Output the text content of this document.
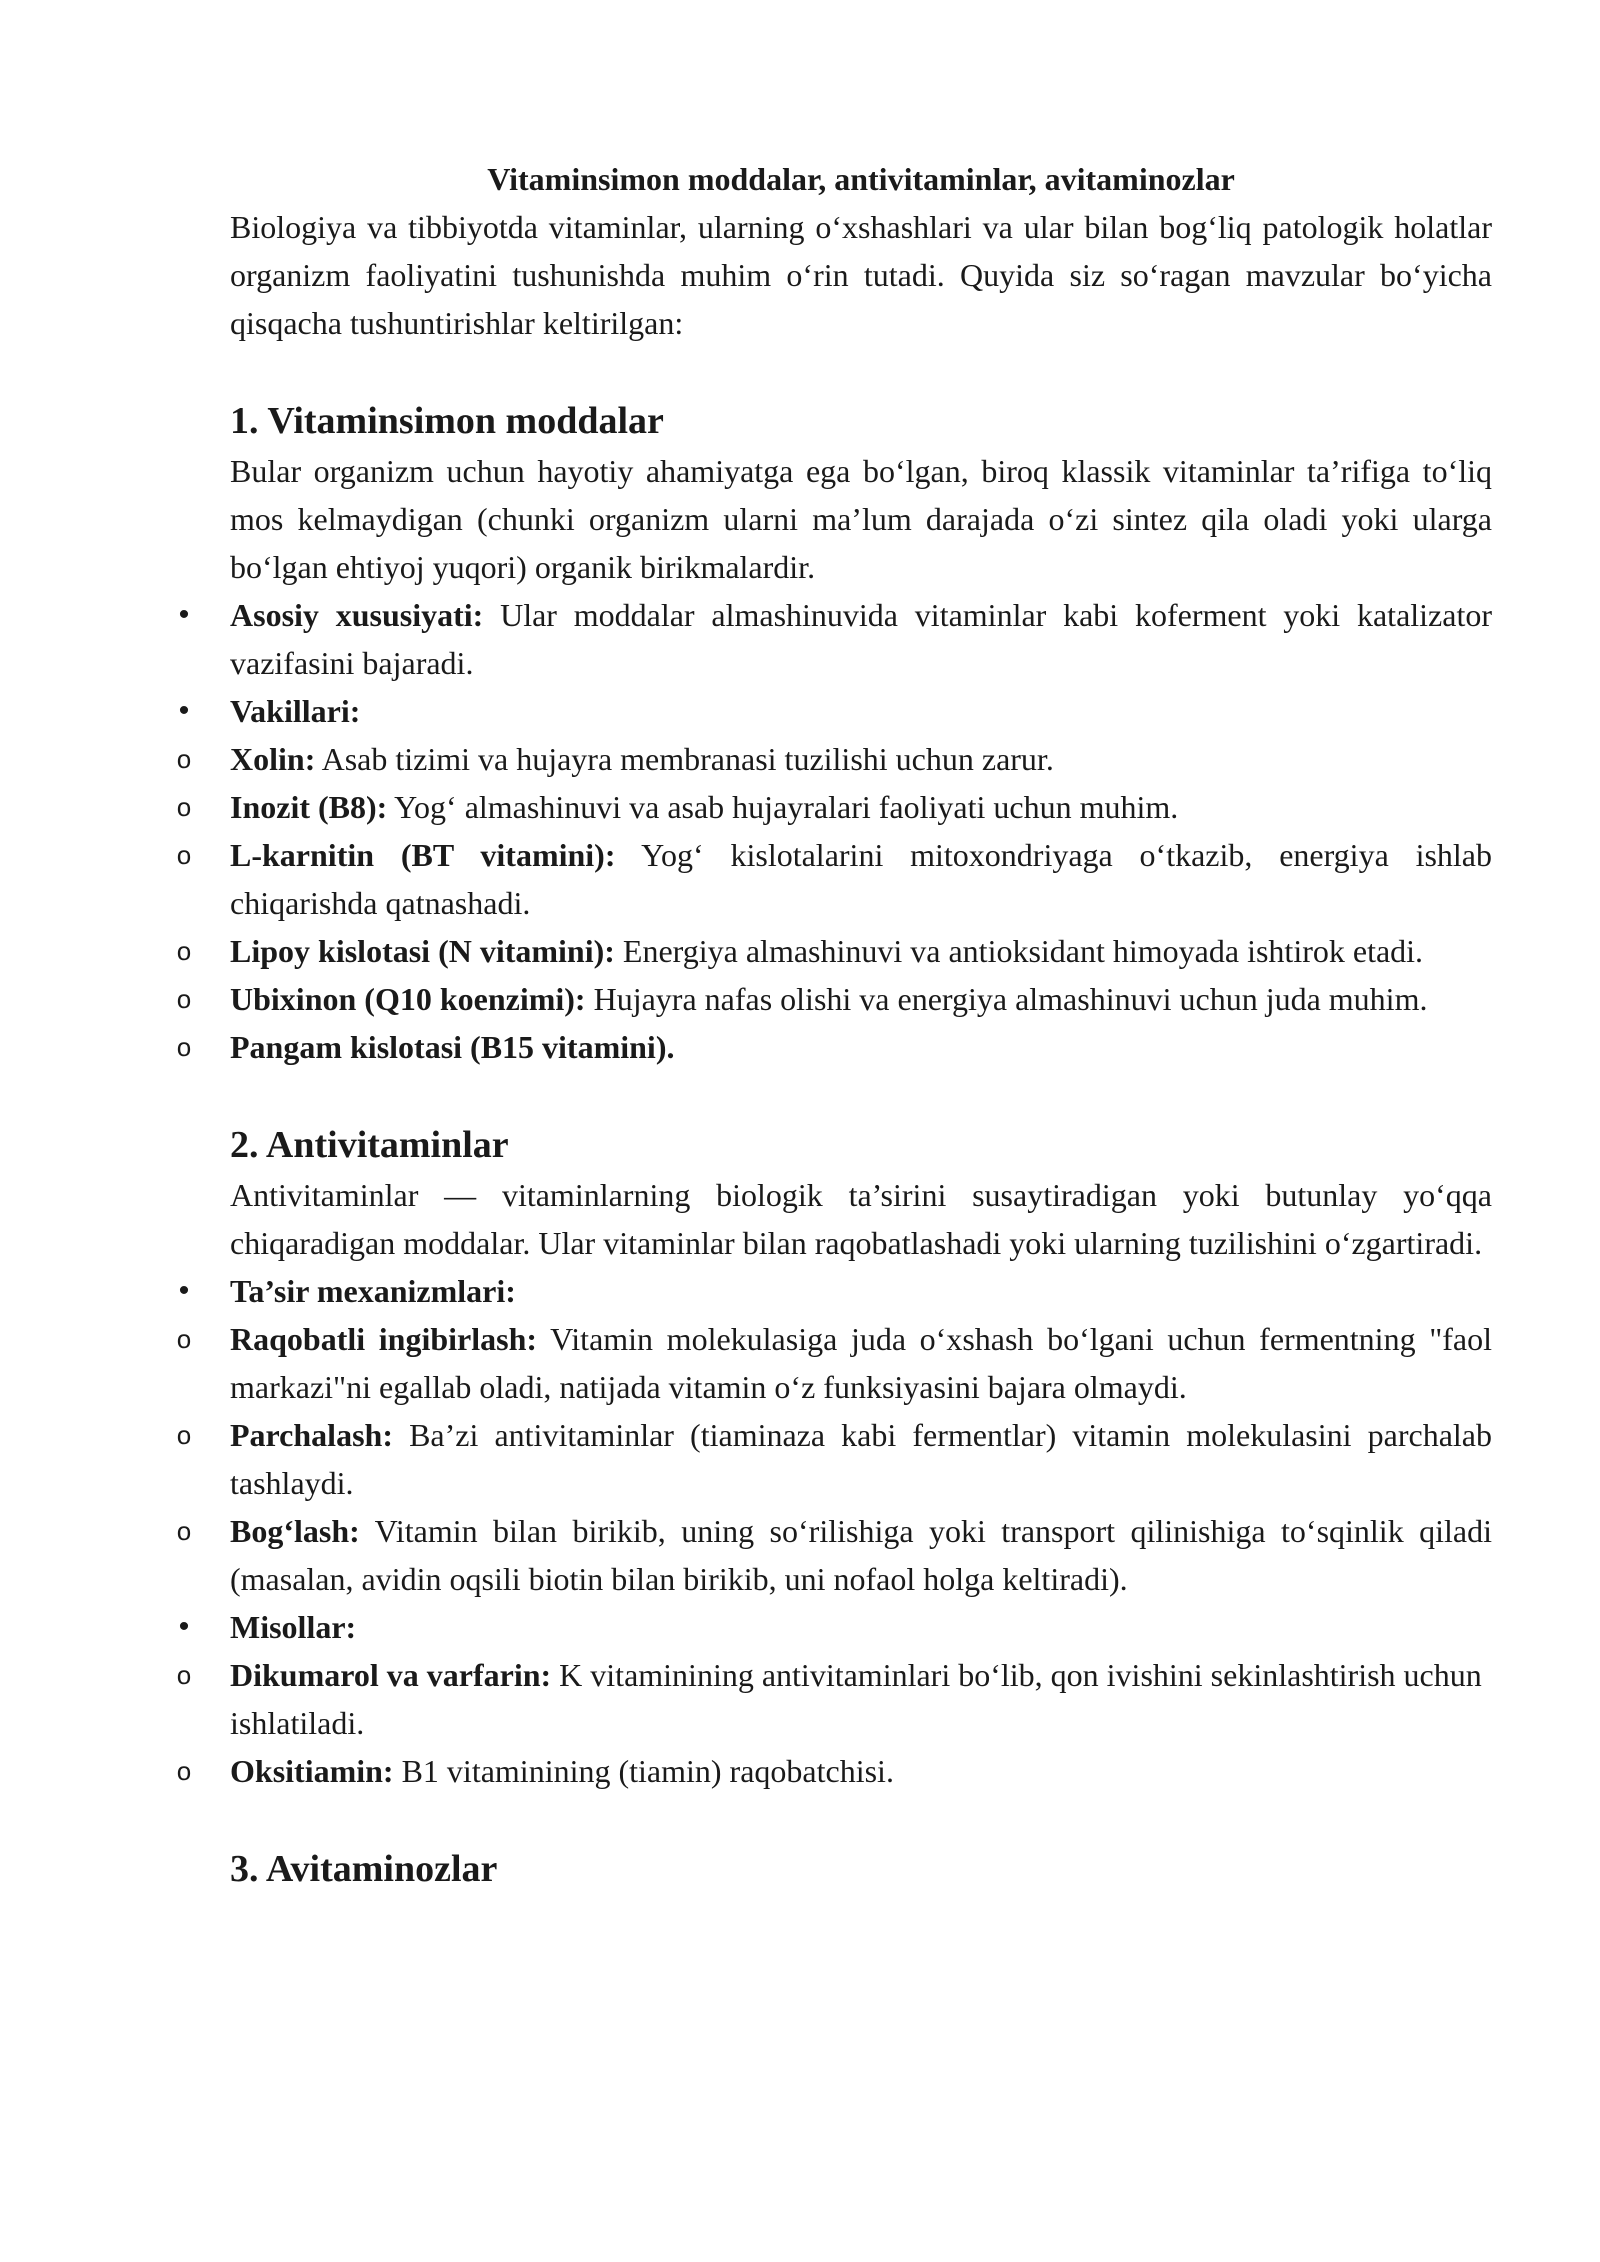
Vitaminsimon moddalar, antivitaminlar, avitaminozlar

Biologiya va tibbiyotda vitaminlar, ularning o‘xshashlari va ular bilan bog‘liq patologik holatlar organizm faoliyatini tushunishda muhim o‘rin tutadi. Quyida siz so‘ragan mavzular bo‘yicha qisqacha tushuntirishlar keltirilgan:

1. Vitaminsimon moddalar

Bular organizm uchun hayotiy ahamiyatga ega bo‘lgan, biroq klassik vitaminlar ta’rifiga to‘liq mos kelmaydigan (chunki organizm ularni ma’lum darajada o‘zi sintez qila oladi yoki ularga bo‘lgan ehtiyoj yuqori) organik birikmalardir.

• Asosiy xususiyati: Ular moddalar almashinuvida vitaminlar kabi koferment yoki katalizator vazifasini bajaradi.
• Vakillari:
o Xolin: Asab tizimi va hujayra membranasi tuzilishi uchun zarur.
o Inozit (B8): Yog‘ almashinuvi va asab hujayralari faoliyati uchun muhim.
o L-karnitin (BT vitamini): Yog‘ kislotalarini mitoxondriyaga o‘tkazib, energiya ishlab chiqarishda qatnashadi.
o Lipoy kislotasi (N vitamini): Energiya almashinuvi va antioksidant himoyada ishtirok etadi.
o Ubixinon (Q10 koenzimi): Hujayra nafas olishi va energiya almashinuvi uchun juda muhim.
o Pangam kislotasi (B15 vitamini).
2. Antivitaminlar

Antivitaminlar — vitaminlarning biologik ta’sirini susaytiradigan yoki butunlay yo‘qqa chiqaradigan moddalar. Ular vitaminlar bilan raqobatlashadi yoki ularning tuzilishini o‘zgartiradi.

• Ta’sir mexanizmlari:
o Raqobatli ingibirlash: Vitamin molekulasiga juda o‘xshash bo‘lgani uchun fermentning "faol markazi"ni egallab oladi, natijada vitamin o‘z funksiyasini bajara olmaydi.
o Parchalash: Ba’zi antivitaminlar (tiaminaza kabi fermentlar) vitamin molekulasini parchalab tashlaydi.
o Bog‘lash: Vitamin bilan birikib, uning so‘rilishiga yoki transport qilinishiga to‘sqinlik qiladi (masalan, avidin oqsili biotin bilan birikib, uni nofaol holga keltiradi).
• Misollar:
o Dikumarol va varfarin: K vitaminining antivitaminlari bo‘lib, qon ivishini sekinlashtirish uchun ishlatiladi.
o Oksitiamin: B1 vitaminining (tiamin) raqobatchisi.
3. Avitaminozlar
